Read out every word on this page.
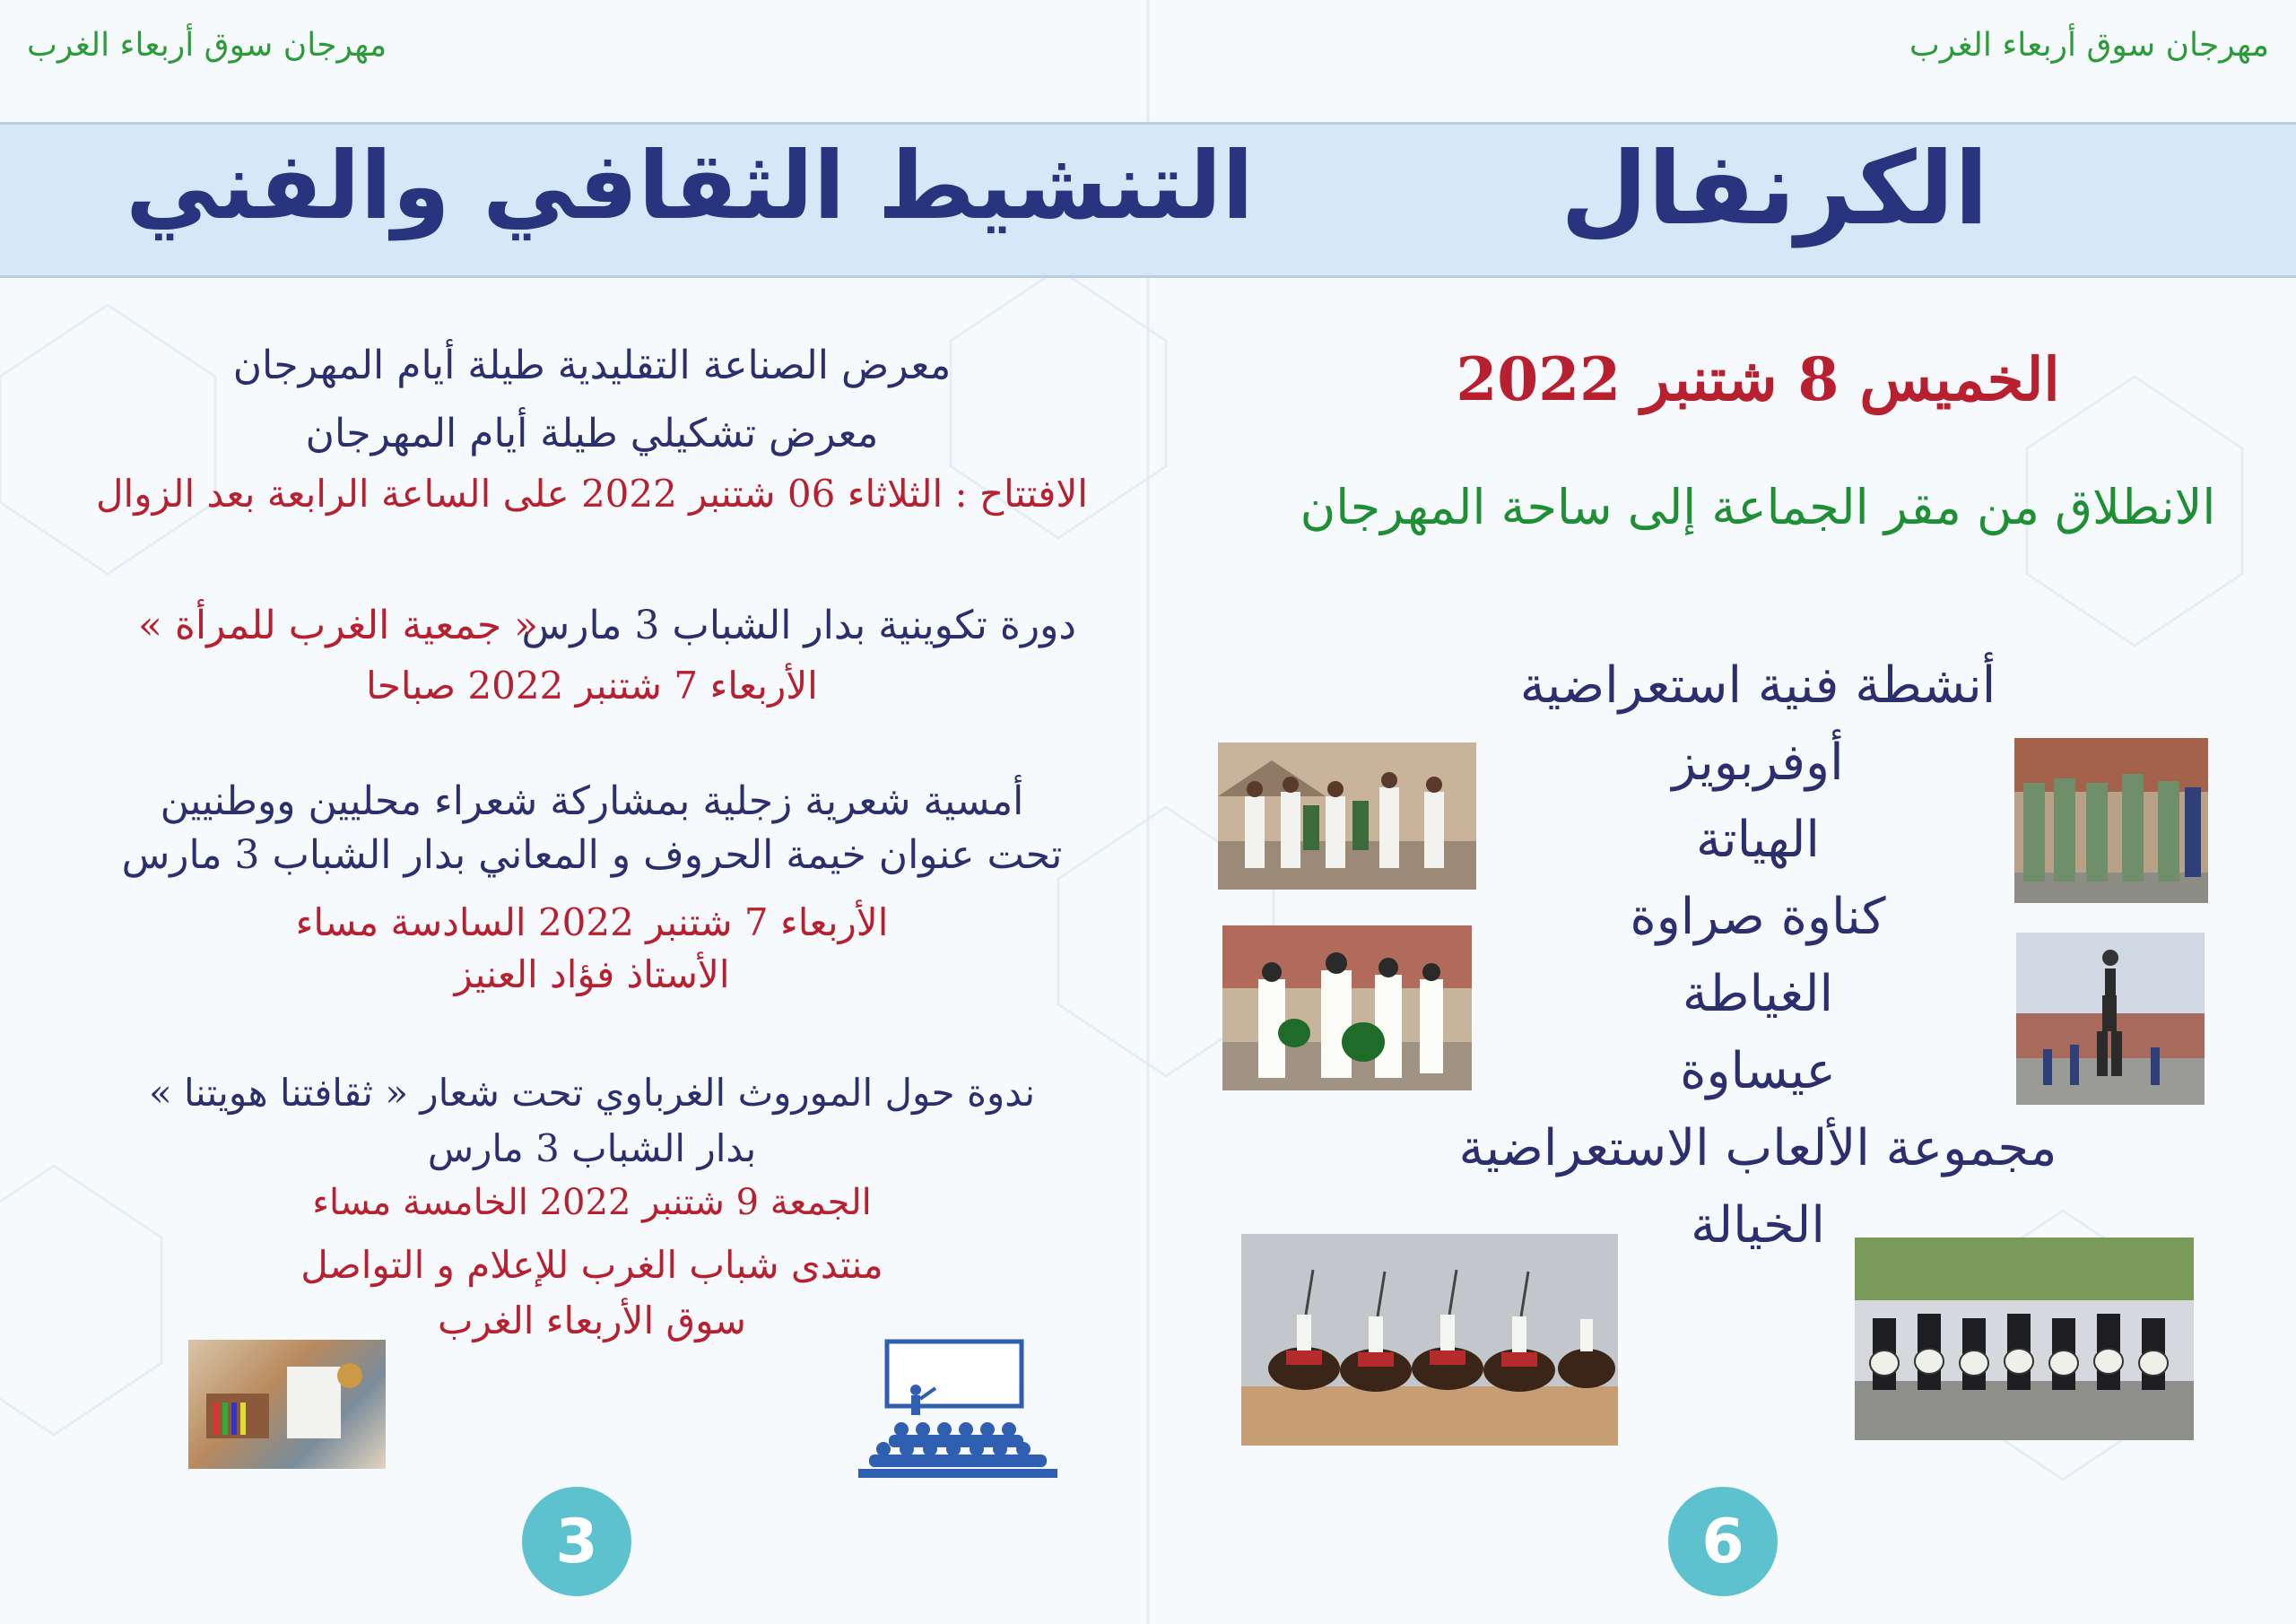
مهرجان سوق أربعاء الغرب	مهرجان سوق أربعاء الغرب
التنشيط الثقافي والفني	الكرنفال
معرض الصناعة التقليدية طيلة أيام المهرجان
معرض تشكيلي طيلة أيام المهرجان
الافتتاح : الثلاثاء 06 شتنبر 2022 على الساعة الرابعة بعد الزوال
دورة تكوينية بدار الشباب 3 مارس
« جمعية الغرب للمرأة »
الأربعاء 7 شتنبر 2022 صباحا
أمسية شعرية زجلية بمشاركة شعراء محليين ووطنيين
تحت عنوان خيمة الحروف و المعاني بدار الشباب 3 مارس
الأربعاء 7 شتنبر 2022 السادسة مساء
الأستاذ فؤاد العنيز
ندوة حول الموروث الغرباوي تحت شعار « ثقافتنا هويتنا »
بدار الشباب 3 مارس
الجمعة 9 شتنبر 2022 الخامسة مساء
منتدى شباب الغرب للإعلام و التواصل
سوق الأربعاء الغرب
3
الخميس 8 شتنبر 2022
الانطلاق من مقر الجماعة إلى ساحة المهرجان
أنشطة فنية استعراضية
أوفربويز
الهياتة
كناوة صراوة
الغياطة
عيساوة
مجموعة الألعاب الاستعراضية
الخيالة
6
